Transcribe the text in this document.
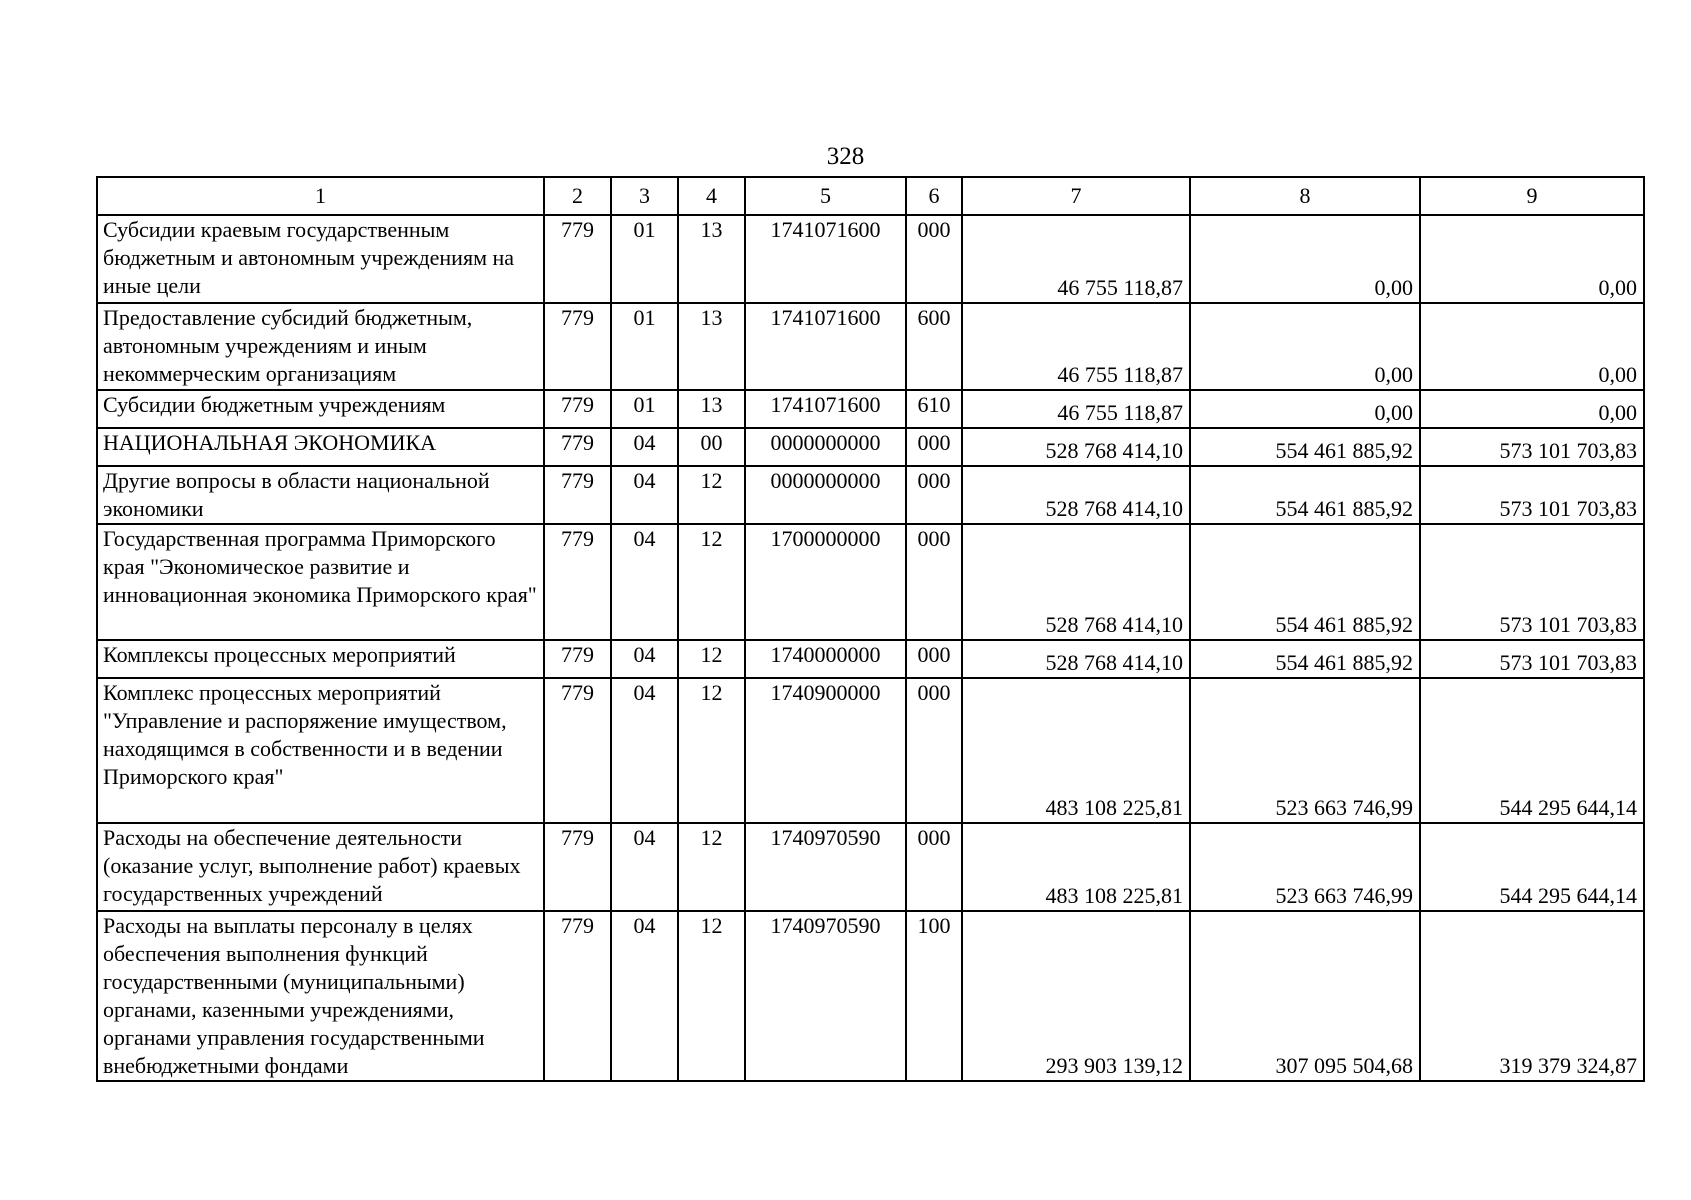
328
1	2	3	4	5	6	7	8	9
Субсидии краевым государственным бюджетным и автономным учреждениям на иные цели	779	01	13	1741071600	000	46 755 118,87	0,00	0,00
Предоставление субсидий бюджетным, автономным учреждениям и иным некоммерческим организациям	779	01	13	1741071600	600	46 755 118,87	0,00	0,00
Субсидии бюджетным учреждениям	779	01	13	1741071600	610	46 755 118,87	0,00	0,00
НАЦИОНАЛЬНАЯ ЭКОНОМИКА	779	04	00	0000000000	000	528 768 414,10	554 461 885,92	573 101 703,83
Другие вопросы в области национальной экономики	779	04	12	0000000000	000	528 768 414,10	554 461 885,92	573 101 703,83
Государственная программа Приморского края "Экономическое развитие и инновационная экономика Приморского края"	779	04	12	1700000000	000	528 768 414,10	554 461 885,92	573 101 703,83
Комплексы процессных мероприятий	779	04	12	1740000000	000	528 768 414,10	554 461 885,92	573 101 703,83
Комплекс процессных мероприятий "Управление и распоряжение имуществом, находящимся в собственности и в ведении Приморского края"	779	04	12	1740900000	000	483 108 225,81	523 663 746,99	544 295 644,14
Расходы на обеспечение деятельности (оказание услуг, выполнение работ) краевых государственных учреждений	779	04	12	1740970590	000	483 108 225,81	523 663 746,99	544 295 644,14
Расходы на выплаты персоналу в целях обеспечения выполнения функций государственными (муниципальными) органами, казенными учреждениями, органами управления государственными внебюджетными фондами	779	04	12	1740970590	100	293 903 139,12	307 095 504,68	319 379 324,87
